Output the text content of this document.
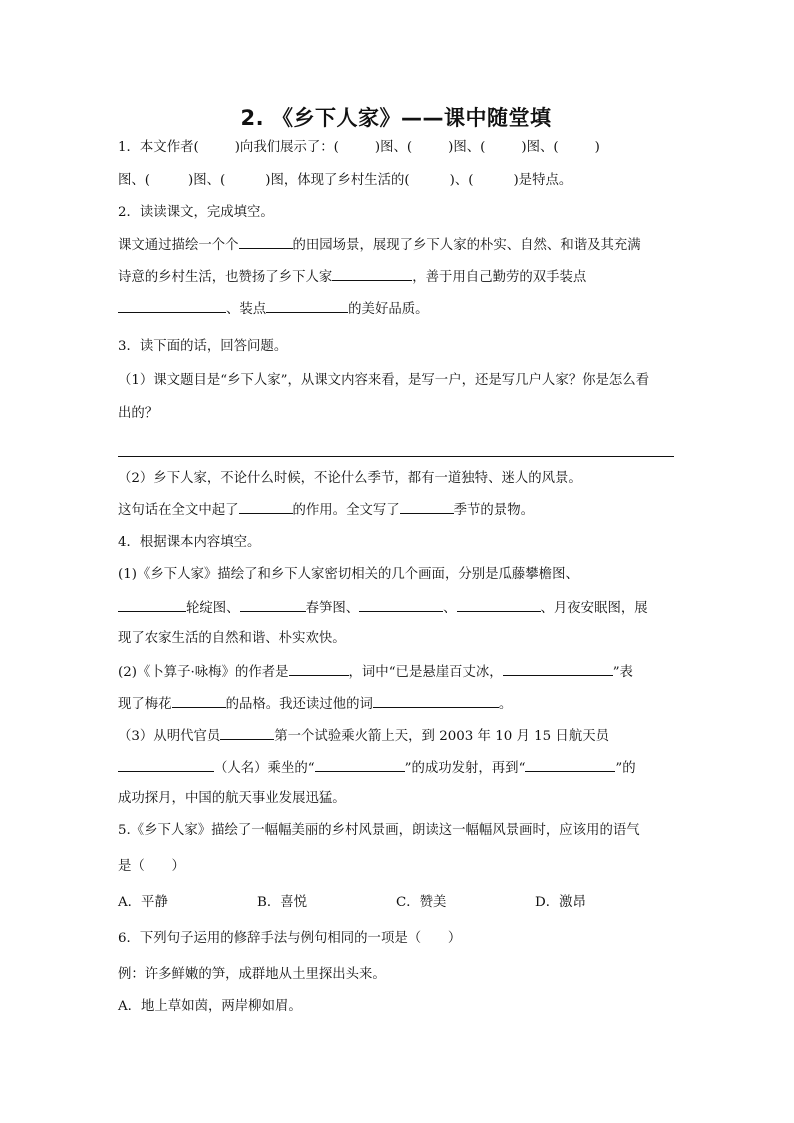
2. 《乡下人家》——课中随堂填
1．本文作者(	)向我们展示了：(	)图、(	)图、(	)图、(	)
图、(	)图、(	)图，体现了乡村生活的(	)、(	)是特点。
2．读读课文，完成填空。
课文通过描绘一个个	的田园场景，展现了乡下人家的朴实、自然、和谐及其充满
诗意的乡村生活，也赞扬了乡下人家	，善于用自己勤劳的双手装点
、装点	的美好品质。
3．读下面的话，回答问题。
（1）课文题目是“乡下人家”，从课文内容来看，是写一户，还是写几户人家？你是怎么看
出的？
（2）乡下人家，不论什么时候，不论什么季节，都有一道独特、迷人的风景。
这句话在全文中起了	的作用。全文写了	季节的景物。
4．根据课本内容填空。
(1)《乡下人家》描绘了和乡下人家密切相关的几个画面，分别是瓜藤攀檐图、
轮绽图、	春笋图、	、	、月夜安眠图，展
现了农家生活的自然和谐、朴实欢快。
(2)《卜算子·咏梅》的作者是	，词中“已是悬崖百丈冰，	”表
现了梅花	的品格。我还读过他的词	。
（3）从明代官员	第一个试验乘火箭上天，到 2003 年 10 月 15 日航天员
（人名）乘坐的“	”的成功发射，再到“	”的
成功探月，中国的航天事业发展迅猛。
5.《乡下人家》描绘了一幅幅美丽的乡村风景画，朗读这一幅幅风景画时，应该用的语气
是（　　）
A．平静	B．喜悦	C．赞美	D．激昂
6．下列句子运用的修辞手法与例句相同的一项是（　　）
例：许多鲜嫩的笋，成群地从土里探出头来。
A．地上草如茵，两岸柳如眉。
